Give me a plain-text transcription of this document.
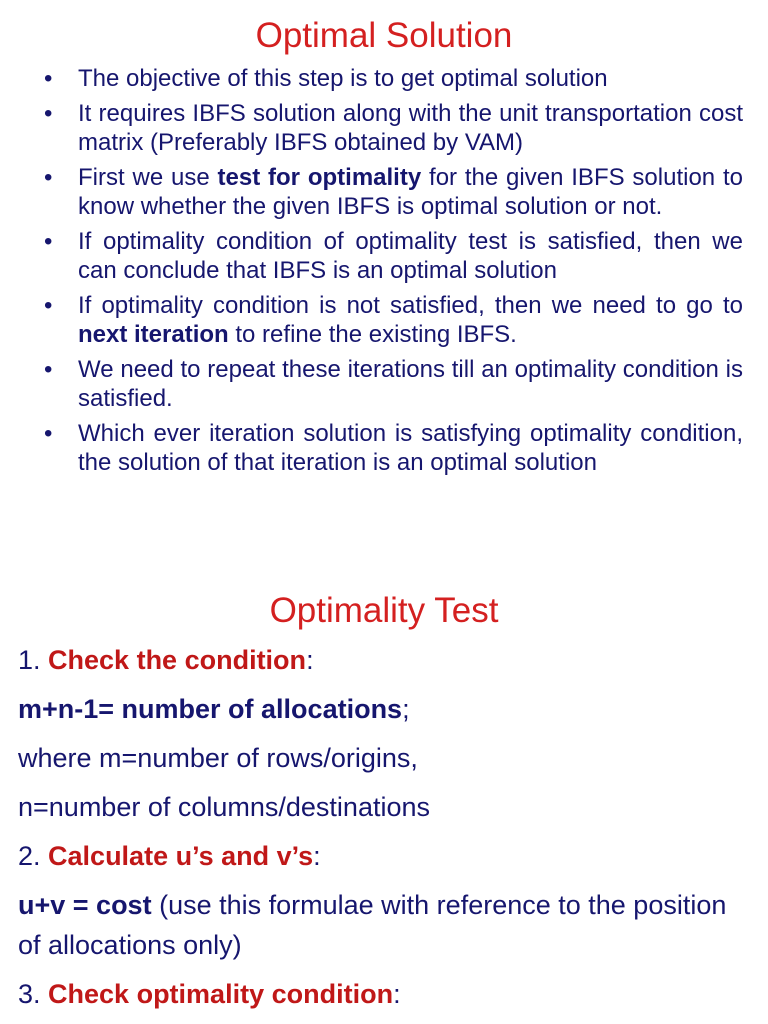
Optimal Solution
•	The objective of this step is to get optimal solution
•	It requires IBFS solution along with the unit transportation cost matrix (Preferably IBFS obtained by VAM)
•	First we use test for optimality for the given IBFS solution to know whether the given IBFS is optimal solution or not.
•	If optimality condition of optimality test is satisfied, then we can conclude that IBFS is an optimal solution
•	If optimality condition is not satisfied, then we need to go to next iteration to refine the existing IBFS.
•	We need to repeat these iterations till an optimality condition is satisfied.
•	Which ever iteration solution is satisfying optimality condition, the solution of that iteration is an optimal solution
Optimality Test

1. Check the condition:

m+n-1= number of allocations;

where m=number of rows/origins,

n=number of columns/destinations

2. Calculate u’s and v’s:

u+v = cost (use this formulae with reference to the position of allocations only)

3. Check optimality condition:
